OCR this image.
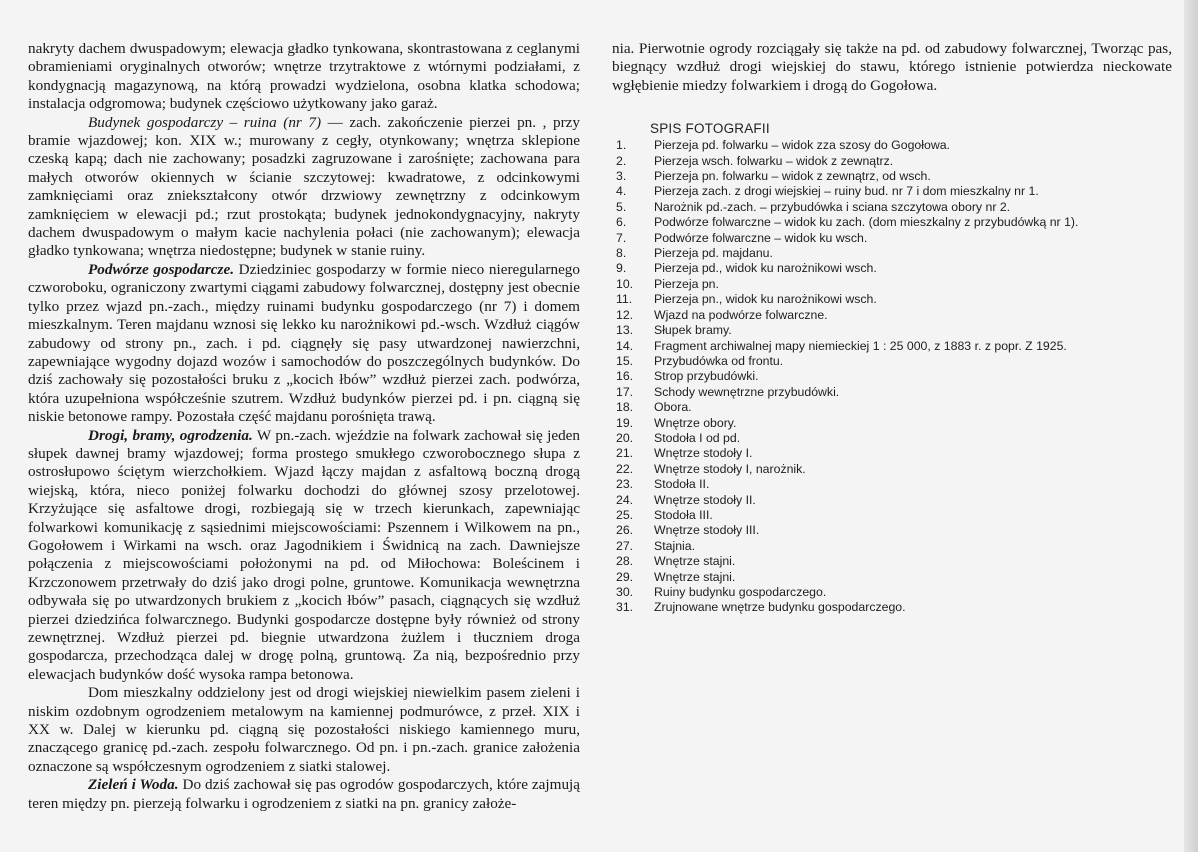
nakryty dachem dwuspadowym; elewacja gładko tynkowana, skontrastowana z ceglanymi obramieniami oryginalnych otworów; wnętrze trzytraktowe z wtórnymi podziałami, z kondygnacją magazynową, na którą prowadzi wydzielona, osobna klatka schodowa; instalacja odgromowa; budynek częściowo użytkowany jako garaż.

Budynek gospodarczy – ruina (nr 7) — zach. zakończenie pierzei pn. , przy bramie wjazdowej; kon. XIX w.; murowany z cegły, otynkowany; wnętrza sklepione czeską kapą; dach nie zachowany; posadzki zagruzowane i zarośnięte; zachowana para małych otworów okiennych w ścianie szczytowej: kwadratowe, z odcinkowymi zamknięciami oraz zniekształcony otwór drzwiowy zewnętrzny z odcinkowym zamknięciem w elewacji pd.; rzut prostokąta; budynek jednokondygnacyjny, nakryty dachem dwuspadowym o małym kacie nachylenia połaci (nie zachowanym); elewacja gładko tynkowana; wnętrza niedostępne; budynek w stanie ruiny.

Podwórze gospodarcze. Dziedziniec gospodarzy w formie nieco nieregularnego czworoboku, ograniczony zwartymi ciągami zabudowy folwarcznej, dostępny jest obecnie tylko przez wjazd pn.-zach., między ruinami budynku gospodarczego (nr 7) i domem mieszkalnym. Teren majdanu wznosi się lekko ku narożnikowi pd.-wsch. Wzdłuż ciągów zabudowy od strony pn., zach. i pd. ciągnęły się pasy utwardzonej nawierzchni, zapewniające wygodny dojazd wozów i samochodów do poszczególnych budynków. Do dziś zachowały się pozostałości bruku z „kocich łbów” wzdłuż pierzei zach. podwórza, która uzupełniona współcześnie szutrem. Wzdłuż budynków pierzei pd. i pn. ciągną się niskie betonowe rampy. Pozostała część majdanu porośnięta trawą.

Drogi, bramy, ogrodzenia. W pn.-zach. wjeździe na folwark zachował się jeden słupek dawnej bramy wjazdowej; forma prostego smukłego czworobocznego słupa z ostrosłupowo ściętym wierzchołkiem. Wjazd łączy majdan z asfaltową boczną drogą wiejską, która, nieco poniżej folwarku dochodzi do głównej szosy przelotowej. Krzyżujące się asfaltowe drogi, rozbiegają się w trzech kierunkach, zapewniając folwarkowi komunikację z sąsiednimi miejscowościami: Pszennem i Wilkowem na pn., Gogołowem i Wirkami na wsch. oraz Jagodnikiem i Świdnicą na zach. Dawniejsze połączenia z miejscowościami położonymi na pd. od Miłochowa: Boleścinem i Krzczonowem przetrwały do dziś jako drogi polne, gruntowe. Komunikacja wewnętrzna odbywała się po utwardzonych brukiem z „kocich łbów” pasach, ciągnących się wzdłuż pierzei dziedzińca folwarcznego. Budynki gospodarcze dostępne były również od strony zewnętrznej. Wzdłuż pierzei pd. biegnie utwardzona żużlem i tłuczniem droga gospodarcza, przechodząca dalej w drogę polną, gruntową. Za nią, bezpośrednio przy elewacjach budynków dość wysoka rampa betonowa.

Dom mieszkalny oddzielony jest od drogi wiejskiej niewielkim pasem zieleni i niskim ozdobnym ogrodzeniem metalowym na kamiennej podmurówce, z przeł. XIX i XX w. Dalej w kierunku pd. ciągną się pozostałości niskiego kamiennego muru, znaczącego granicę pd.-zach. zespołu folwarcznego. Od pn. i pn.-zach. granice założenia oznaczone są współczesnym ogrodzeniem z siatki stalowej.

Zieleń i Woda. Do dziś zachował się pas ogrodów gospodarczych, które zajmują teren między pn. pierzeją folwarku i ogrodzeniem z siatki na pn. granicy założe-

nia. Pierwotnie ogrody rozciągały się także na pd. od zabudowy folwarcznej, Tworząc pas, biegnący wzdłuż drogi wiejskiej do stawu, którego istnienie potwierdza nieckowate wgłębienie miedzy folwarkiem i drogą do Gogołowa.

SPIS FOTOGRAFII
1.	Pierzeja pd. folwarku – widok zza szosy do Gogołowa.
2.	Pierzeja wsch. folwarku – widok z zewnątrz.
3.	Pierzeja pn. folwarku – widok z zewnątrz, od wsch.
4.	Pierzeja zach. z drogi wiejskiej – ruiny bud. nr 7 i dom mieszkalny nr 1.
5.	Narożnik pd.-zach. – przybudówka i sciana szczytowa obory nr 2.
6.	Podwórze folwarczne – widok ku zach. (dom mieszkalny z przybudówką nr 1).
7.	Podwórze folwarczne – widok ku wsch.
8.	Pierzeja pd. majdanu.
9.	Pierzeja pd., widok ku narożnikowi wsch.
10.	Pierzeja pn.
11.	Pierzeja pn., widok ku narożnikowi wsch.
12.	Wjazd na podwórze folwarczne.
13.	Słupek bramy.
14.	Fragment archiwalnej mapy niemieckiej 1 : 25 000, z 1883 r. z popr. Z 1925.
15.	Przybudówka od frontu.
16.	Strop przybudówki.
17.	Schody wewnętrzne przybudówki.
18.	Obora.
19.	Wnętrze obory.
20.	Stodoła I od pd.
21.	Wnętrze stodoły I.
22.	Wnętrze stodoły I, narożnik.
23.	Stodoła II.
24.	Wnętrze stodoły II.
25.	Stodoła III.
26.	Wnętrze stodoły III.
27.	Stajnia.
28.	Wnętrze stajni.
29.	Wnętrze stajni.
30.	Ruiny budynku gospodarczego.
31.	Zrujnowane wnętrze budynku gospodarczego.
